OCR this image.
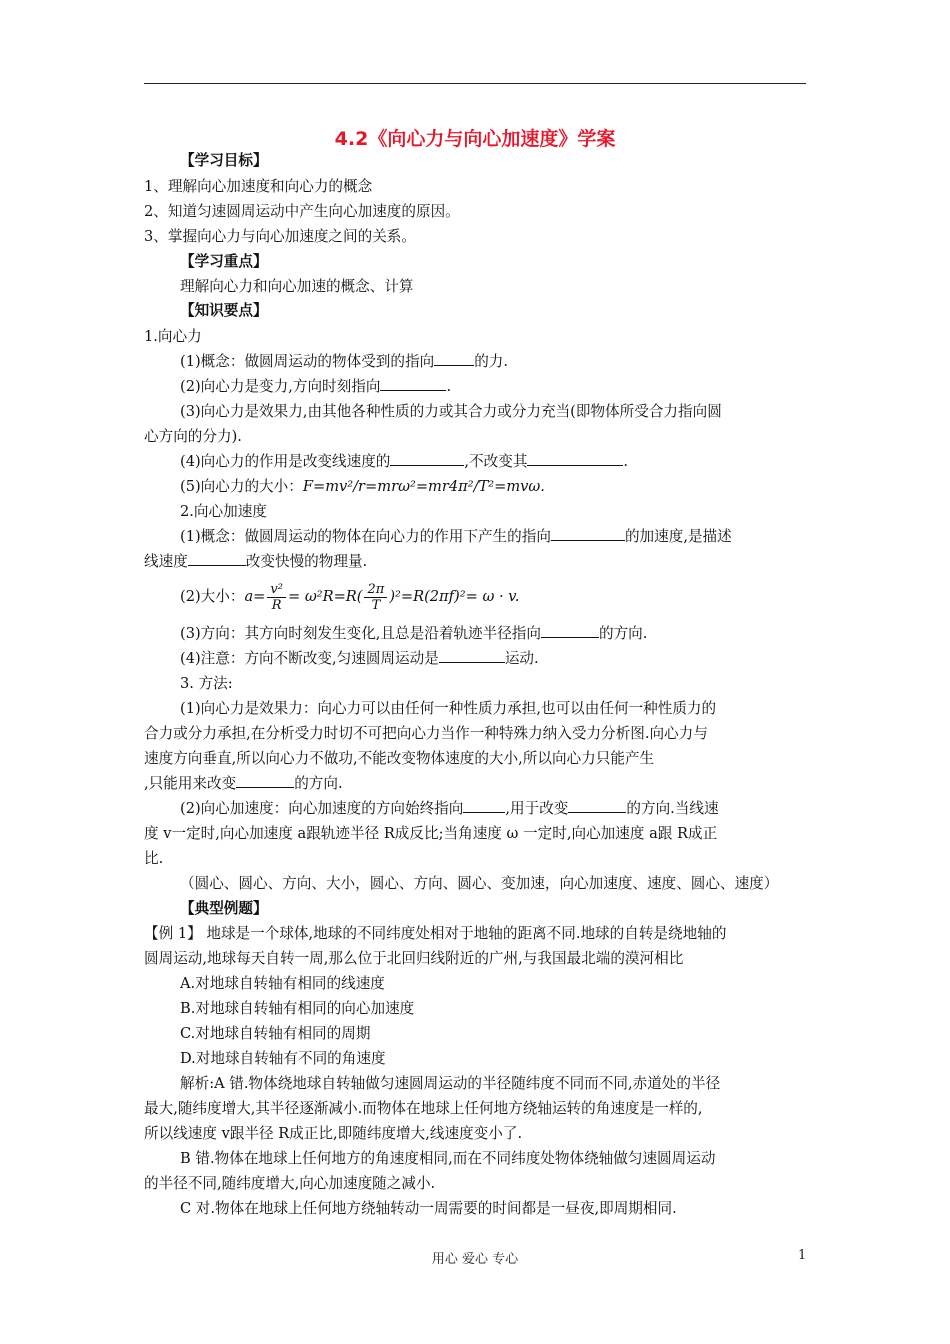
4.2《向心力与向心加速度》学案
【学习目标】
1、理解向心加速度和向心力的概念
2、知道匀速圆周运动中产生向心加速度的原因。
3、掌握向心力与向心加速度之间的关系。
【学习重点】
理解向心力和向心加速的概念、计算
【知识要点】
1.向心力
(1)概念：做圆周运动的物体受到的指向	的力.
(2)向心力是变力,方向时刻指向	.
(3)向心力是效果力,由其他各种性质的力或其合力或分力充当(即物体所受合力指向圆
心方向的分力).
(4)向心力的作用是改变线速度的	,不改变其	.
(5)向心力的大小：F=mv²/r=mrω²=mr4π²/T²=mvω.
2.向心加速度
(1)概念：做圆周运动的物体在向心力的作用下产生的指向	的加速度,是描述
线速度	改变快慢的物理量.
(2)大小：$a= \frac{\text{v²}}{R} = \omega^2R=R( \frac{2\pi}{T} )^2=R(2\pi f)^2= \omega \cdot v$.
(3)方向：其方向时刻发生变化,且总是沿着轨迹半径指向	的方向.
(4)注意：方向不断改变,匀速圆周运动是	运动.
3. 方法:
(1)向心力是效果力：向心力可以由任何一种性质力承担,也可以由任何一种性质力的
合力或分力承担,在分析受力时切不可把向心力当作一种特殊力纳入受力分析图.向心力与
速度方向垂直,所以向心力不做功,不能改变物体速度的大小,所以向心力只能产生
,只能用来改变	的方向.
(2)向心加速度：向心加速度的方向始终指向	,用于改变	的方向.当线速
度 v一定时,向心加速度 a跟轨迹半径 R成反比;当角速度 ω 一定时,向心加速度 a跟 R成正
比.
（圆心、圆心、方向、大小，圆心、方向、圆心、变加速，向心加速度、速度、圆心、速度）
【典型例题】
【例 1】 地球是一个球体,地球的不同纬度处相对于地轴的距离不同.地球的自转是绕地轴的
圆周运动,地球每天自转一周,那么位于北回归线附近的广州,与我国最北端的漠河相比
A.对地球自转轴有相同的线速度
B.对地球自转轴有相同的向心加速度
C.对地球自转轴有相同的周期
D.对地球自转轴有不同的角速度
解析:A 错.物体绕地球自转轴做匀速圆周运动的半径随纬度不同而不同,赤道处的半径
最大,随纬度增大,其半径逐渐减小.而物体在地球上任何地方绕轴运转的角速度是一样的,
所以线速度 v跟半径 R成正比,即随纬度增大,线速度变小了.
B 错.物体在地球上任何地方的角速度相同,而在不同纬度处物体绕轴做匀速圆周运动
的半径不同,随纬度增大,向心加速度随之减小.
C 对.物体在地球上任何地方绕轴转动一周需要的时间都是一昼夜,即周期相同.
用心 爱心 专心	1
